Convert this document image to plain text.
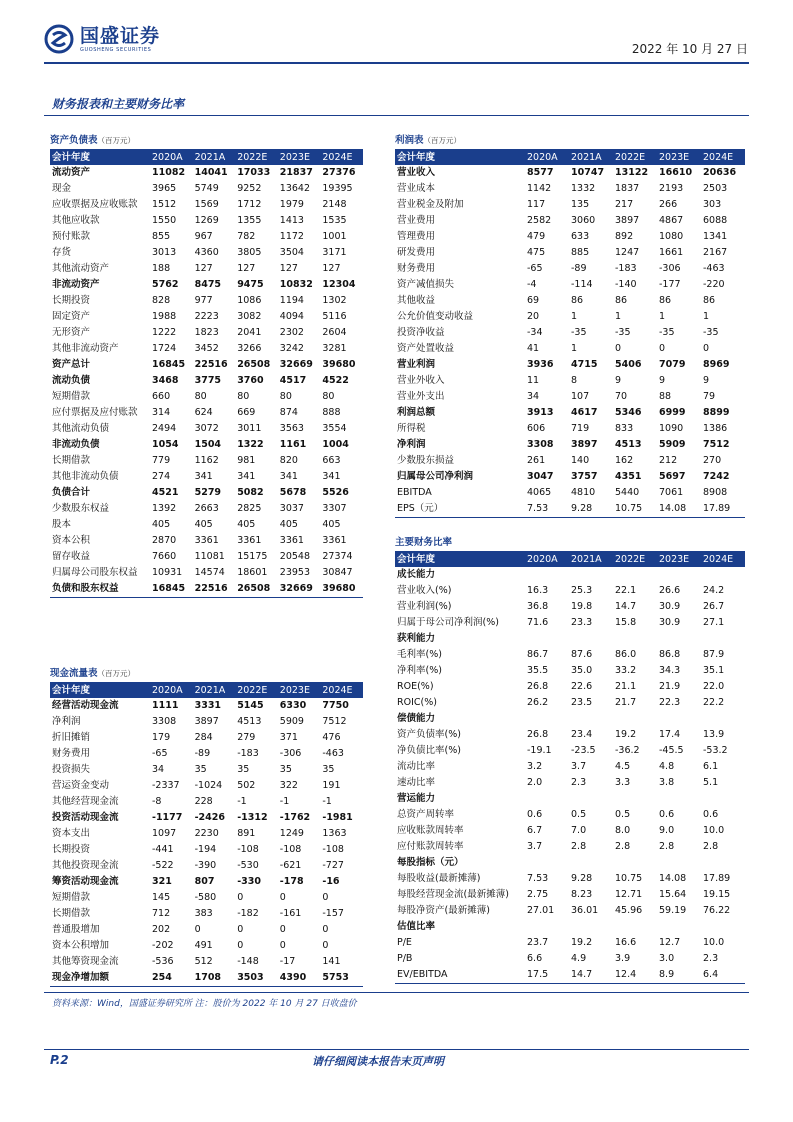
国盛证券
GUOSHENG SECURITIES	2022 年 10 月 27 日
财务报表和主要财务比率
资产负债表（百万元）
会计年度	2020A	2021A	2022E	2023E	2024E
流动资产	11082	14041	17033	21837	27376
现金	3965	5749	9252	13642	19395
应收票据及应收账款	1512	1569	1712	1979	2148
其他应收款	1550	1269	1355	1413	1535
预付账款	855	967	782	1172	1001
存货	3013	4360	3805	3504	3171
其他流动资产	188	127	127	127	127
非流动资产	5762	8475	9475	10832	12304
长期投资	828	977	1086	1194	1302
固定资产	1988	2223	3082	4094	5116
无形资产	1222	1823	2041	2302	2604
其他非流动资产	1724	3452	3266	3242	3281
资产总计	16845	22516	26508	32669	39680
流动负债	3468	3775	3760	4517	4522
短期借款	660	80	80	80	80
应付票据及应付账款	314	624	669	874	888
其他流动负债	2494	3072	3011	3563	3554
非流动负债	1054	1504	1322	1161	1004
长期借款	779	1162	981	820	663
其他非流动负债	274	341	341	341	341
负债合计	4521	5279	5082	5678	5526
少数股东权益	1392	2663	2825	3037	3307
股本	405	405	405	405	405
资本公积	2870	3361	3361	3361	3361
留存收益	7660	11081	15175	20548	27374
归属母公司股东权益	10931	14574	18601	23953	30847
负债和股东权益	16845	22516	26508	32669	39680
现金流量表（百万元）
会计年度	2020A	2021A	2022E	2023E	2024E
经营活动现金流	1111	3331	5145	6330	7750
净利润	3308	3897	4513	5909	7512
折旧摊销	179	284	279	371	476
财务费用	-65	-89	-183	-306	-463
投资损失	34	35	35	35	35
营运资金变动	-2337	-1024	502	322	191
其他经营现金流	-8	228	-1	-1	-1
投资活动现金流	-1177	-2426	-1312	-1762	-1981
资本支出	1097	2230	891	1249	1363
长期投资	-441	-194	-108	-108	-108
其他投资现金流	-522	-390	-530	-621	-727
筹资活动现金流	321	807	-330	-178	-16
短期借款	145	-580	0	0	0
长期借款	712	383	-182	-161	-157
普通股增加	202	0	0	0	0
资本公积增加	-202	491	0	0	0
其他筹资现金流	-536	512	-148	-17	141
现金净增加额	254	1708	3503	4390	5753
利润表（百万元）
会计年度	2020A	2021A	2022E	2023E	2024E
营业收入	8577	10747	13122	16610	20636
营业成本	1142	1332	1837	2193	2503
营业税金及附加	117	135	217	266	303
营业费用	2582	3060	3897	4867	6088
管理费用	479	633	892	1080	1341
研发费用	475	885	1247	1661	2167
财务费用	-65	-89	-183	-306	-463
资产减值损失	-4	-114	-140	-177	-220
其他收益	69	86	86	86	86
公允价值变动收益	20	1	1	1	1
投资净收益	-34	-35	-35	-35	-35
资产处置收益	41	1	0	0	0
营业利润	3936	4715	5406	7079	8969
营业外收入	11	8	9	9	9
营业外支出	34	107	70	88	79
利润总额	3913	4617	5346	6999	8899
所得税	606	719	833	1090	1386
净利润	3308	3897	4513	5909	7512
少数股东损益	261	140	162	212	270
归属母公司净利润	3047	3757	4351	5697	7242
EBITDA	4065	4810	5440	7061	8908
EPS（元）	7.53	9.28	10.75	14.08	17.89
主要财务比率
会计年度	2020A	2021A	2022E	2023E	2024E
成长能力
营业收入(%)	16.3	25.3	22.1	26.6	24.2
营业利润(%)	36.8	19.8	14.7	30.9	26.7
归属于母公司净利润(%)	71.6	23.3	15.8	30.9	27.1
获利能力
毛利率(%)	86.7	87.6	86.0	86.8	87.9
净利率(%)	35.5	35.0	33.2	34.3	35.1
ROE(%)	26.8	22.6	21.1	21.9	22.0
ROIC(%)	26.2	23.5	21.7	22.3	22.2
偿债能力
资产负债率(%)	26.8	23.4	19.2	17.4	13.9
净负债比率(%)	-19.1	-23.5	-36.2	-45.5	-53.2
流动比率	3.2	3.7	4.5	4.8	6.1
速动比率	2.0	2.3	3.3	3.8	5.1
营运能力
总资产周转率	0.6	0.5	0.5	0.6	0.6
应收账款周转率	6.7	7.0	8.0	9.0	10.0
应付账款周转率	3.7	2.8	2.8	2.8	2.8
每股指标（元）
每股收益(最新摊薄)	7.53	9.28	10.75	14.08	17.89
每股经营现金流(最新摊薄)	2.75	8.23	12.71	15.64	19.15
每股净资产(最新摊薄)	27.01	36.01	45.96	59.19	76.22
估值比率
P/E	23.7	19.2	16.6	12.7	10.0
P/B	6.6	4.9	3.9	3.0	2.3
EV/EBITDA	17.5	14.7	12.4	8.9	6.4
资料来源：Wind，国盛证券研究所 注：股价为 2022 年 10 月 27 日收盘价
P.2	请仔细阅读本报告末页声明
